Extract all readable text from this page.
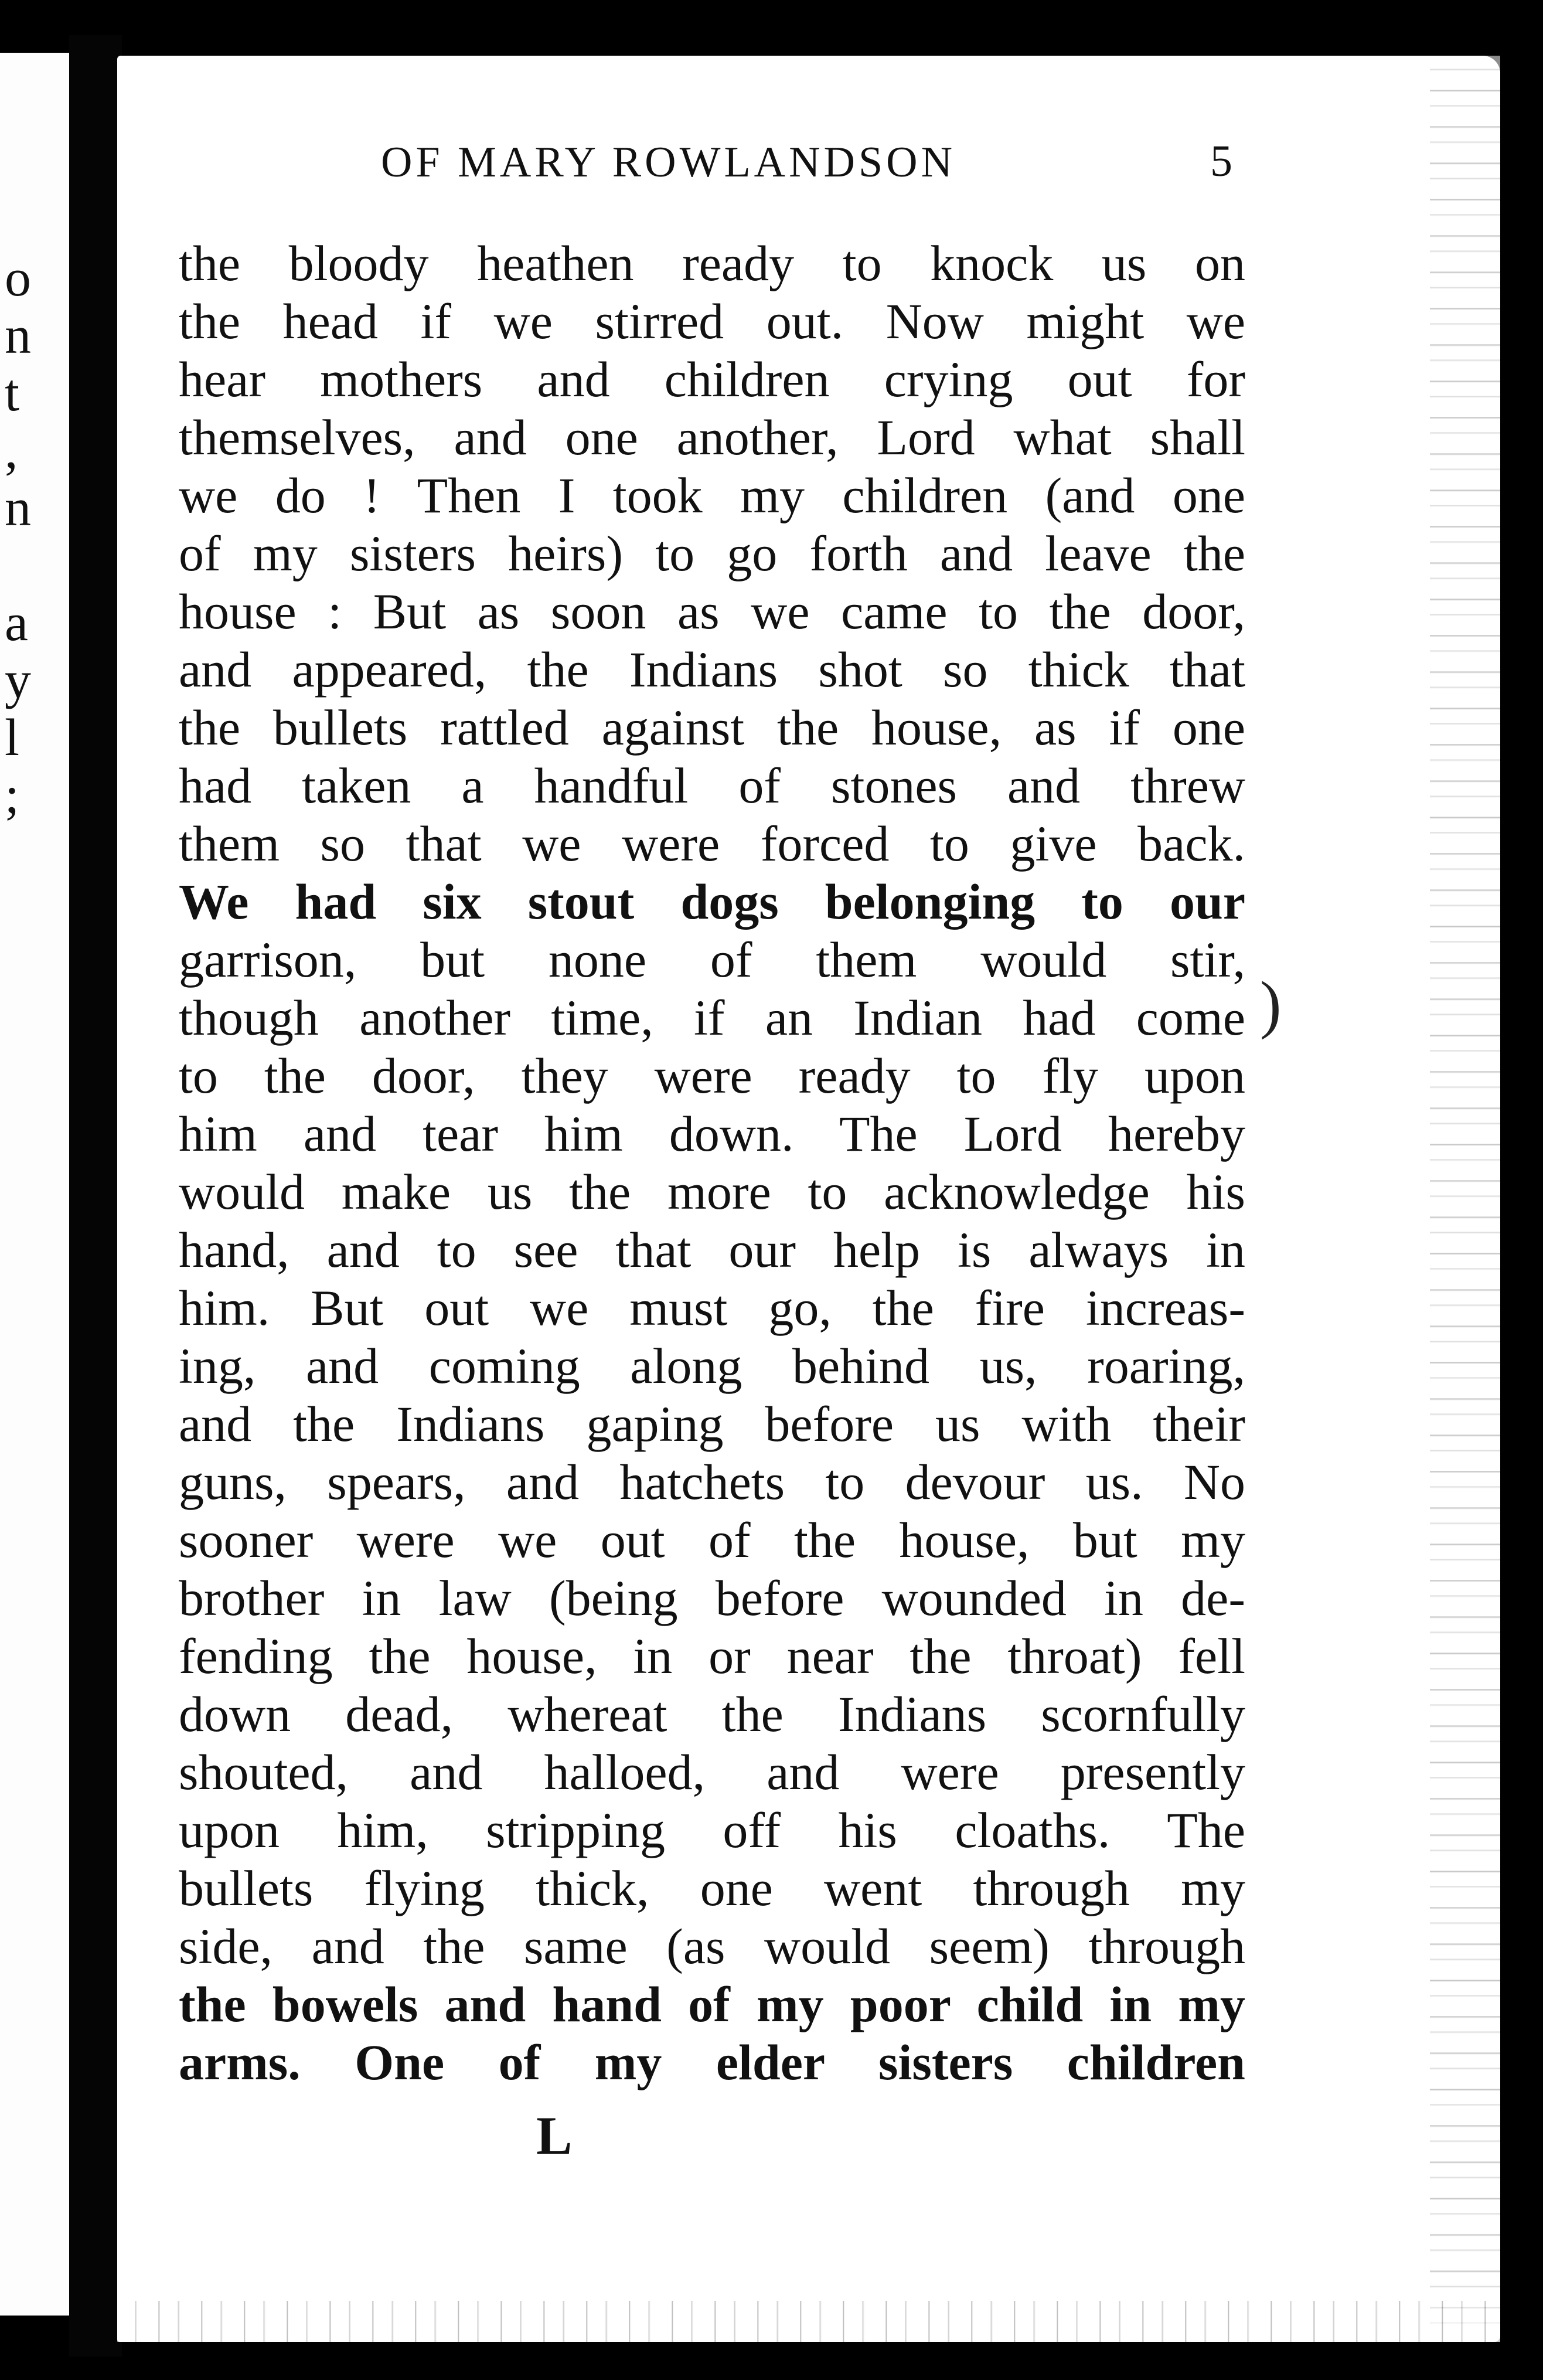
o
n
t
,
n
a
y
l
;
OF MARY ROWLANDSON	5
the bloody heathen ready to knock us on
the head if we stirred out. Now might we
hear mothers and children crying out for
themselves, and one another, Lord what shall
we do ! Then I took my children (and one
of my sisters heirs) to go forth and leave the
house : But as soon as we came to the door,
and appeared, the Indians shot so thick that
the bullets rattled against the house, as if one
had taken a handful of stones and threw
them so that we were forced to give back.
We had six stout dogs belonging to our
garrison, but none of them would stir,
though another time, if an Indian had come
to the door, they were ready to fly upon
him and tear him down. The Lord hereby
would make us the more to acknowledge his
hand, and to see that our help is always in
him. But out we must go, the fire increas-
ing, and coming along behind us, roaring,
and the Indians gaping before us with their
guns, spears, and hatchets to devour us. No
sooner were we out of the house, but my
brother in law (being before wounded in de-
fending the house, in or near the throat) fell
down dead, whereat the Indians scornfully
shouted, and halloed, and were presently
upon him, stripping off his cloaths. The
bullets flying thick, one went through my
side, and the same (as would seem) through
the bowels and hand of my poor child in my
arms. One of my elder sisters children
)
L
